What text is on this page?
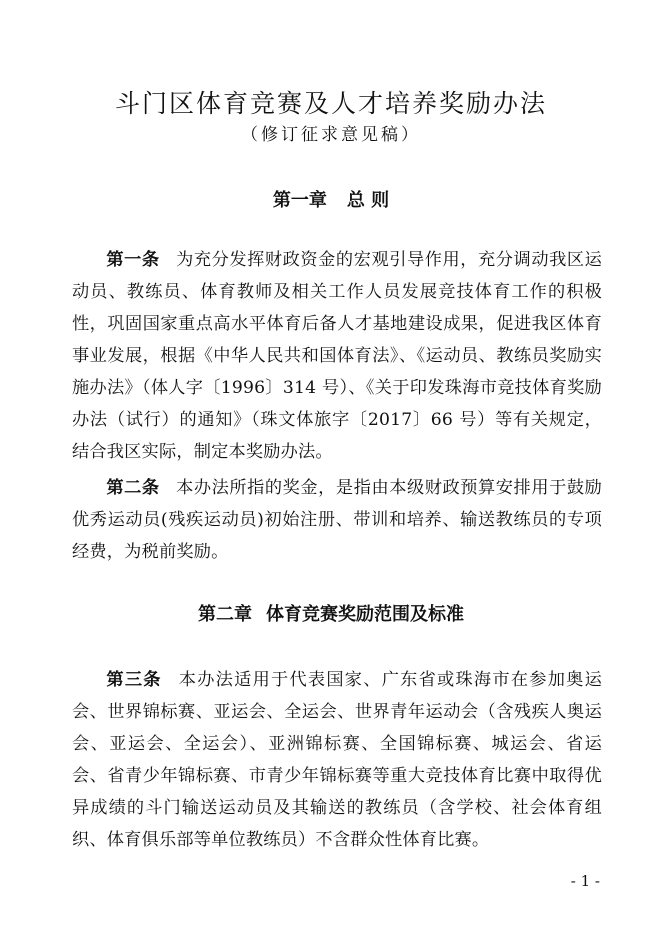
斗门区体育竞赛及人才培养奖励办法
（修订征求意见稿）
第一章 总 则
第一条 为充分发挥财政资金的宏观引导作用，充分调动我区运动员、教练员、体育教师及相关工作人员发展竞技体育工作的积极性，巩固国家重点高水平体育后备人才基地建设成果，促进我区体育事业发展，根据《中华人民共和国体育法》、《运动员、教练员奖励实施办法》（体人字〔1996〕314 号）、《关于印发珠海市竞技体育奖励办法（试行）的通知》（珠文体旅字〔2017〕66 号）等有关规定，结合我区实际，制定本奖励办法。
第二条 本办法所指的奖金，是指由本级财政预算安排用于鼓励优秀运动员(残疾运动员)初始注册、带训和培养、输送教练员的专项经费，为税前奖励。
第二章 体育竞赛奖励范围及标准
第三条 本办法适用于代表国家、广东省或珠海市在参加奥运会、世界锦标赛、亚运会、全运会、世界青年运动会（含残疾人奥运会、亚运会、全运会）、亚洲锦标赛、全国锦标赛、城运会、省运会、省青少年锦标赛、市青少年锦标赛等重大竞技体育比赛中取得优异成绩的斗门输送运动员及其输送的教练员（含学校、社会体育组织、体育俱乐部等单位教练员）不含群众性体育比赛。
- 1 -
